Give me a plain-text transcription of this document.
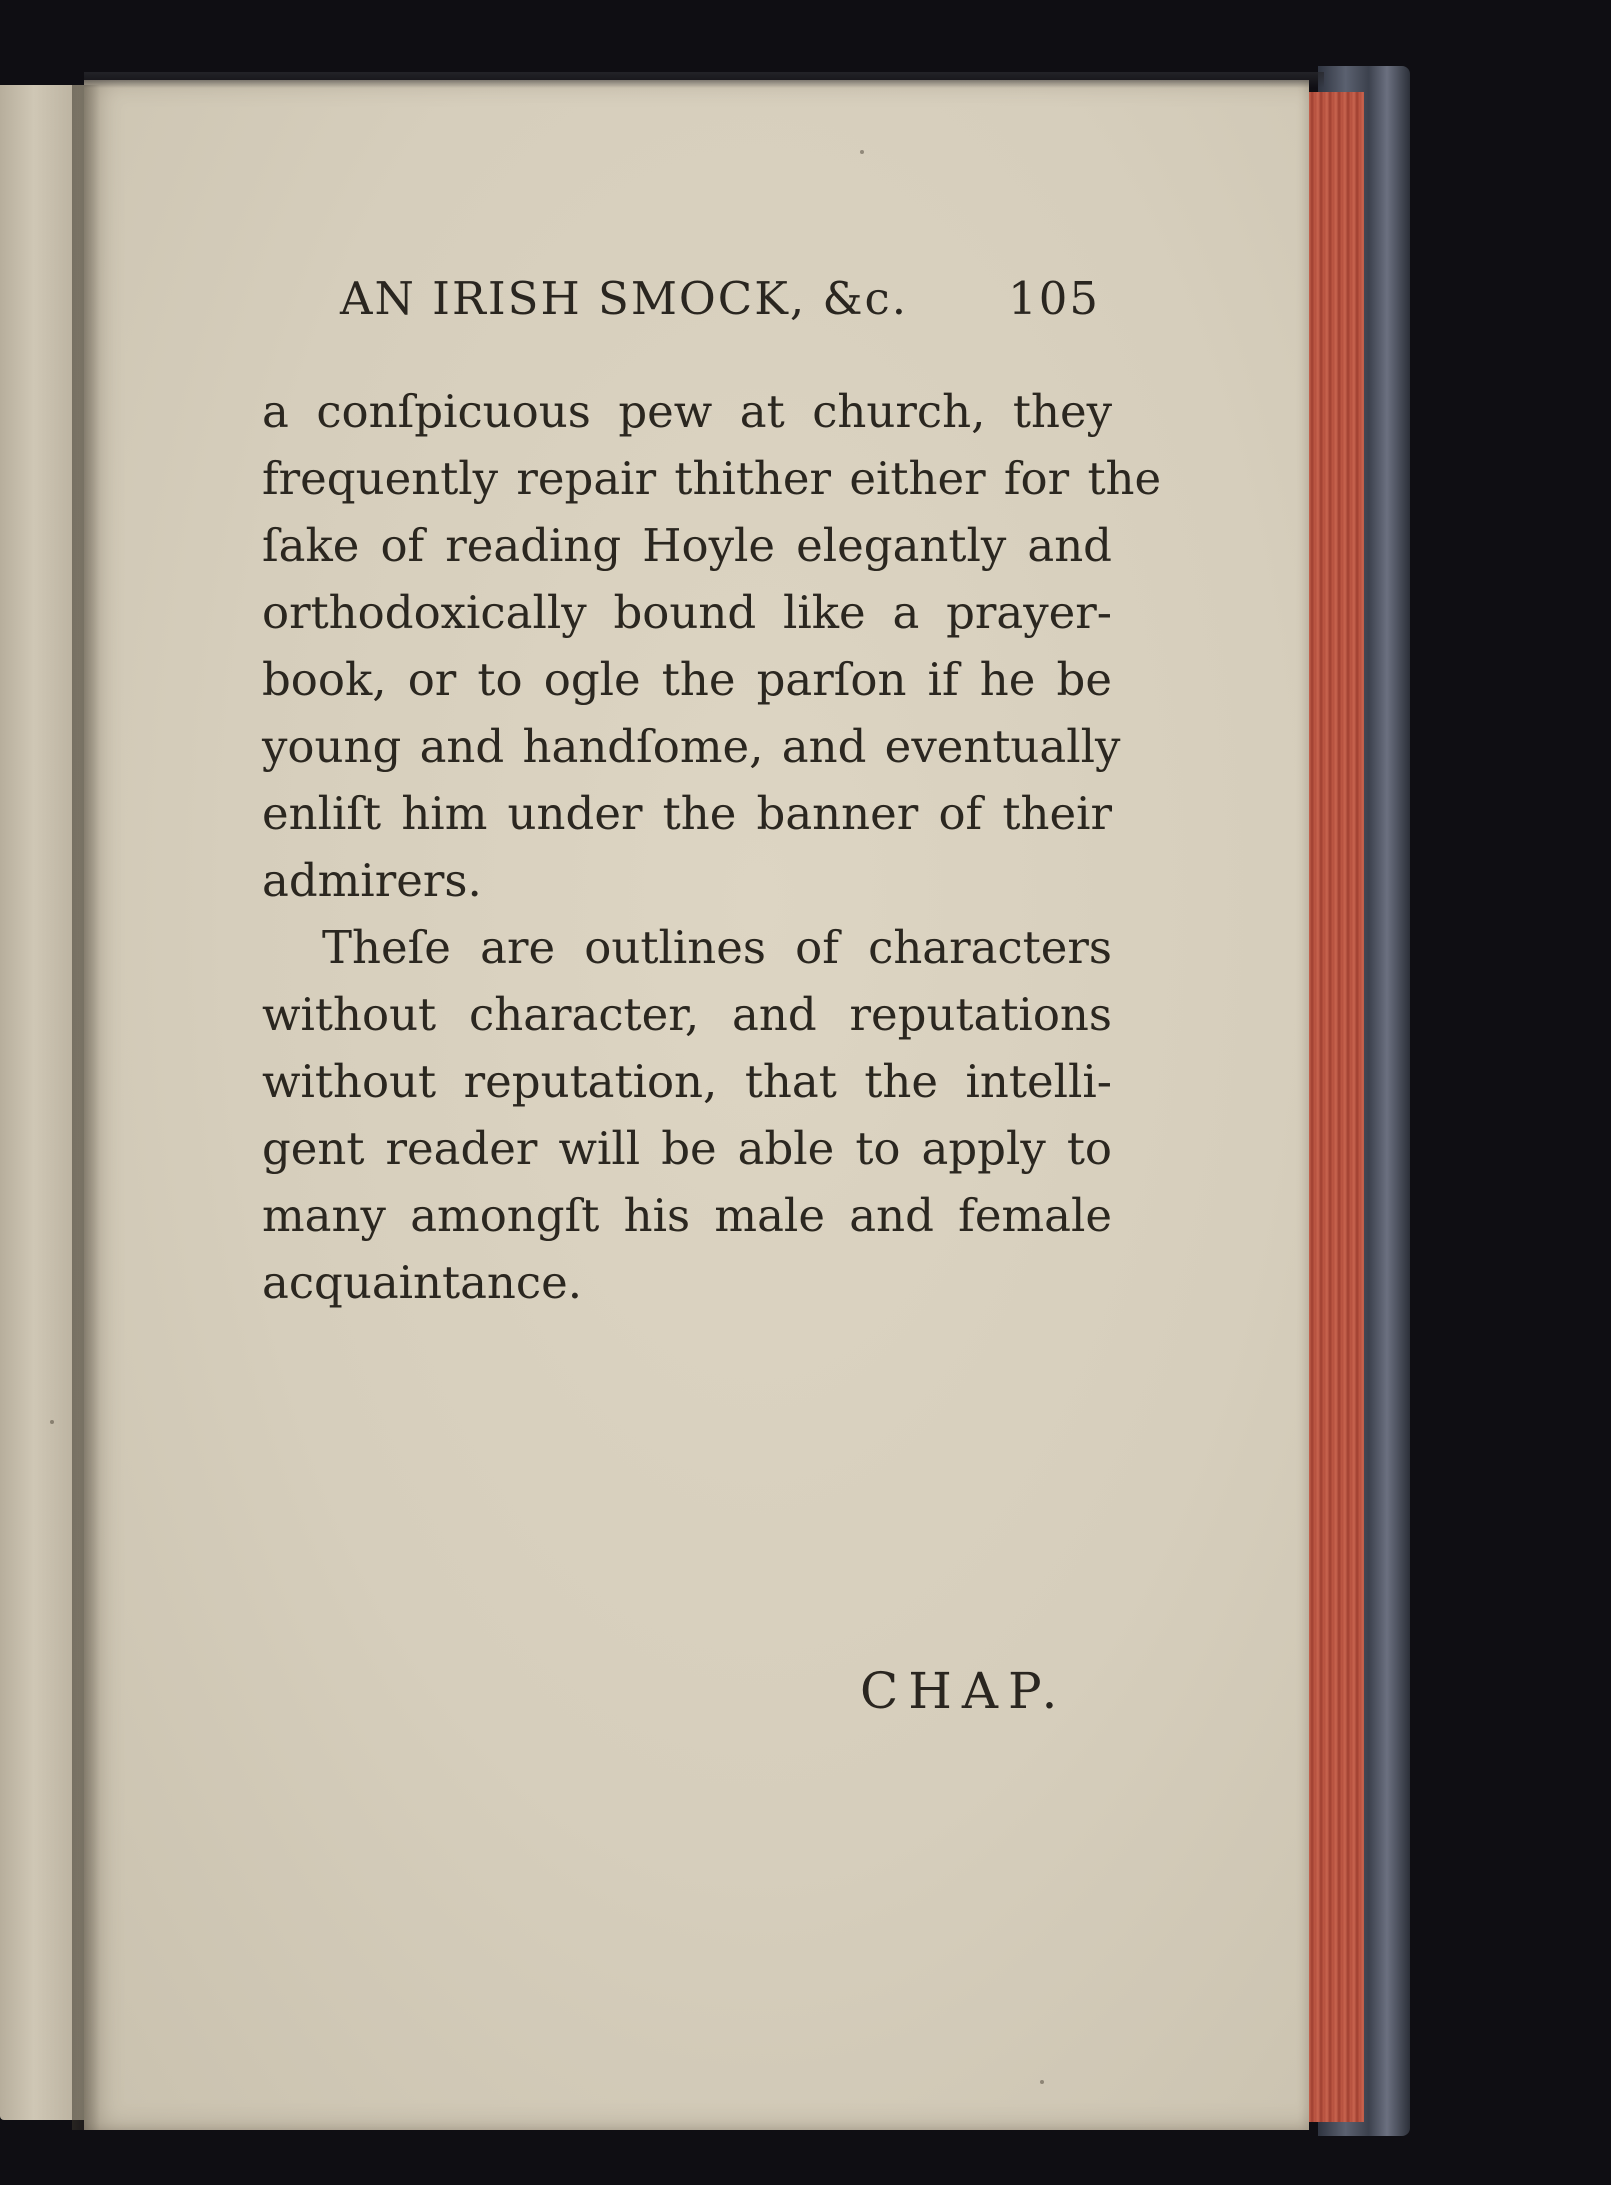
AN IRISH SMOCK, &c. 105
a conſpicuous pew at church, they
frequently repair thither either for the
ſake of reading Hoyle elegantly and
orthodoxically bound like a prayer-
book, or to ogle the parſon if he be
young and handſome, and eventually
enliſt him under the banner of their
admirers.
Theſe are outlines of characters
without character, and reputations
without reputation, that the intelli-
gent reader will be able to apply to
many amongſt his male and female
acquaintance.
CHAP.
